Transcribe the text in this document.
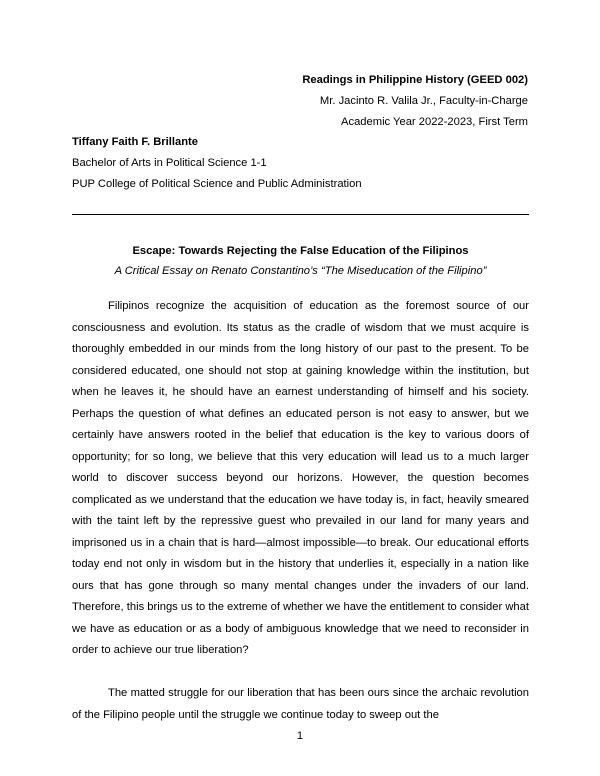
Readings in Philippine History (GEED 002)
Mr. Jacinto R. Valila Jr., Faculty-in-Charge
Academic Year 2022-2023, First Term
Tiffany Faith F. Brillante
Bachelor of Arts in Political Science 1-1
PUP College of Political Science and Public Administration
Escape: Towards Rejecting the False Education of the Filipinos
A Critical Essay on Renato Constantino’s “The Miseducation of the Filipino”

Filipinos recognize the acquisition of education as the foremost source of our consciousness and evolution. Its status as the cradle of wisdom that we must acquire is thoroughly embedded in our minds from the long history of our past to the present. To be considered educated, one should not stop at gaining knowledge within the institution, but when he leaves it, he should have an earnest understanding of himself and his society. Perhaps the question of what defines an educated person is not easy to answer, but we certainly have answers rooted in the belief that education is the key to various doors of opportunity; for so long, we believe that this very education will lead us to a much larger world to discover success beyond our horizons. However, the question becomes complicated as we understand that the education we have today is, in fact, heavily smeared with the taint left by the repressive guest who prevailed in our land for many years and imprisoned us in a chain that is hard—almost impossible—to break. Our educational efforts today end not only in wisdom but in the history that underlies it, especially in a nation like ours that has gone through so many mental changes under the invaders of our land. Therefore, this brings us to the extreme of whether we have the entitlement to consider what we have as education or as a body of ambiguous knowledge that we need to reconsider in order to achieve our true liberation?

The matted struggle for our liberation that has been ours since the archaic revolution of the Filipino people until the struggle we continue today to sweep out the

1
